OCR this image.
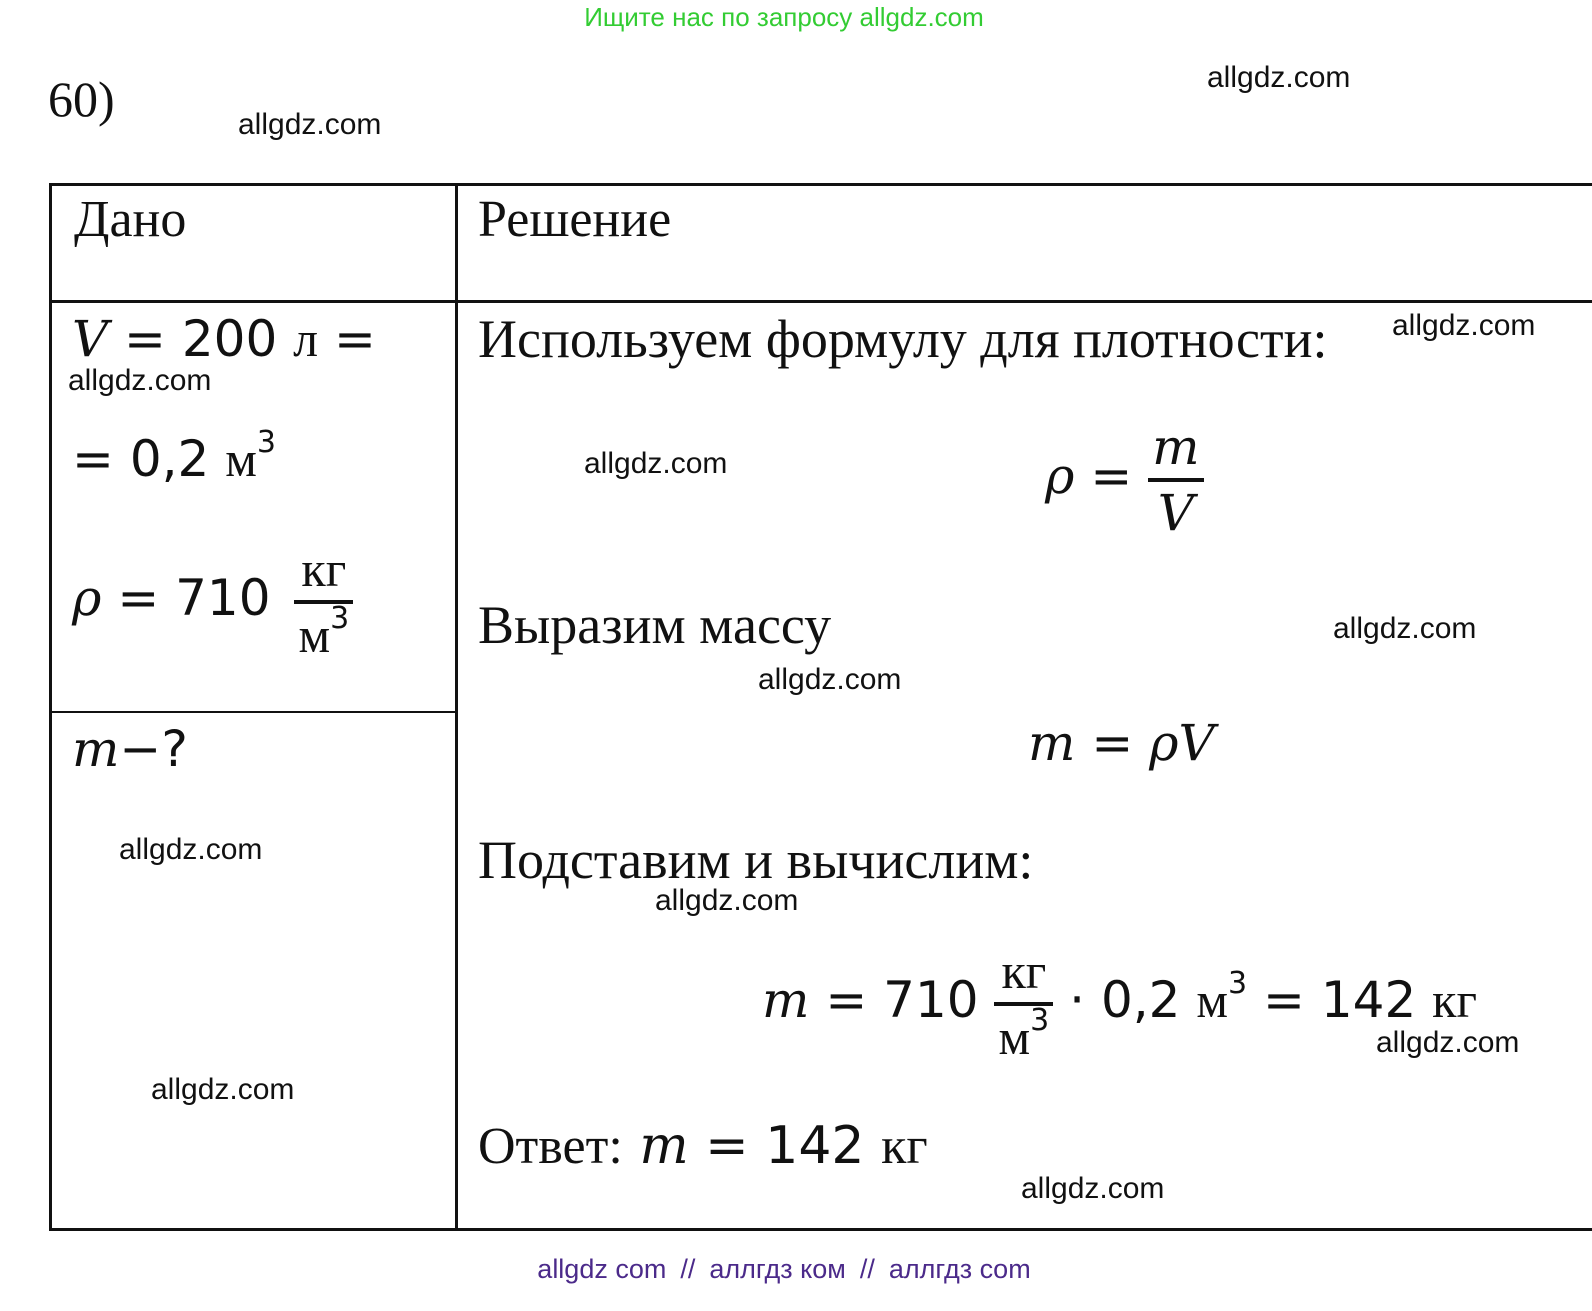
Ищите нас по запросу allgdz.com
60)
Дано	Решение
V = 200 л =
= 0,2 $м^3$
$\rho = 710 \frac{кг}{м^3}$
m−?
Используем формулу для плотности:
$\rho = \frac{m}{V}$
Выразим массу
m = ρV
Подставим и вычислим:
$m = 710 \frac{кг}{м^3} \cdot 0,2$ $м^3 = 142$ кг
Ответ: m = 142 кг
allgdz.com
allgdz.com
allgdz.com
allgdz.com
allgdz.com
allgdz.com
allgdz.com
allgdz.com
allgdz.com
allgdz.com
allgdz.com
allgdz.com
allgdz com // аллгдз ком // аллгдз com
